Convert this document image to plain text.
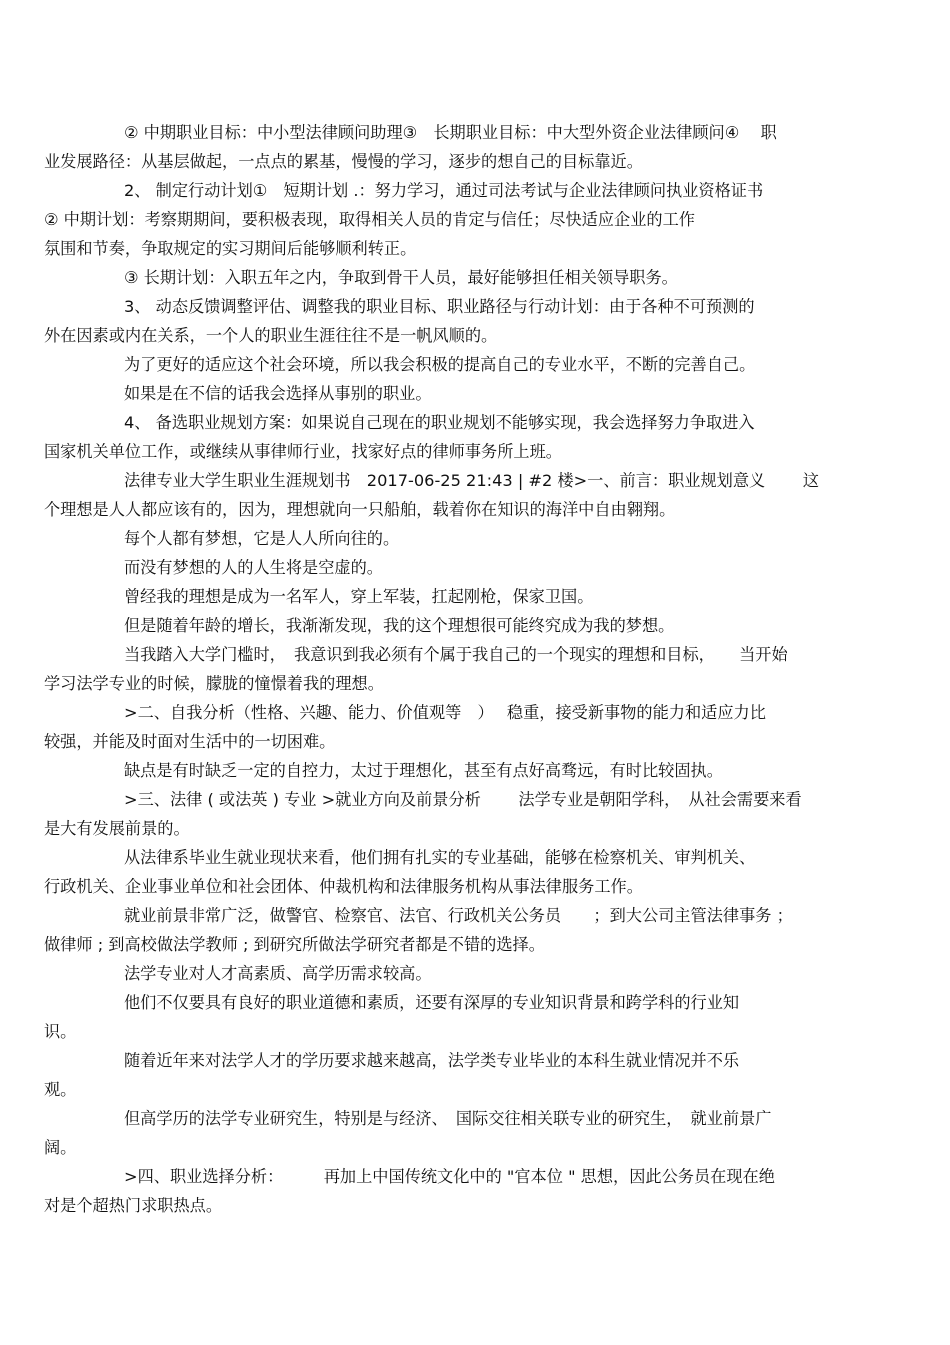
② 中期职业目标：中小型法律顾问助理③　长期职业目标：中大型外资企业法律顾问④　 职
业发展路径：从基层做起，一点点的累基，慢慢的学习，逐步的想自己的目标靠近。
2、 制定行动计划①　短期计划 .：努力学习，通过司法考试与企业法律顾问执业资格证书
② 中期计划：考察期期间，要积极表现，取得相关人员的肯定与信任；尽快适应企业的工作
氛围和节奏，争取规定的实习期间后能够顺利转正。
③ 长期计划：入职五年之内，争取到骨干人员，最好能够担任相关领导职务。
3、 动态反馈调整评估、调整我的职业目标、职业路径与行动计划：由于各种不可预测的
外在因素或内在关系，一个人的职业生涯往往不是一帆风顺的。
为了更好的适应这个社会环境，所以我会积极的提高自己的专业水平，不断的完善自己。
如果是在不信的话我会选择从事别的职业。
4、 备选职业规划方案：如果说自己现在的职业规划不能够实现，我会选择努力争取进入
国家机关单位工作，或继续从事律师行业，找家好点的律师事务所上班。
法律专业大学生职业生涯规划书　2017-06-25 21:43 | #2 楼>一、前言：职业规划意义　　 这
个理想是人人都应该有的，因为，理想就向一只船舶，载着你在知识的海洋中自由翱翔。
每个人都有梦想，它是人人所向往的。
而没有梦想的人的人生将是空虚的。
曾经我的理想是成为一名军人，穿上军装，扛起刚枪，保家卫国。
但是随着年龄的增长，我渐渐发现，我的这个理想很可能终究成为我的梦想。
当我踏入大学门槛时，　我意识到我必须有个属于我自己的一个现实的理想和目标，　　当开始
学习法学专业的时候，朦胧的憧憬着我的理想。
>二、自我分析（性格、兴趣、能力、价值观等　）　 稳重，接受新事物的能力和适应力比
较强，并能及时面对生活中的一切困难。
缺点是有时缺乏一定的自控力，太过于理想化，甚至有点好高骛远，有时比较固执。
>三、法律 ( 或法英 ) 专业 >就业方向及前景分析　　 法学专业是朝阳学科，　从社会需要来看
是大有发展前景的。
从法律系毕业生就业现状来看，他们拥有扎实的专业基础，能够在检察机关、审判机关、
行政机关、企业事业单位和社会团体、仲裁机构和法律服务机构从事法律服务工作。
就业前景非常广泛，做警官、检察官、法官、行政机关公务员　　；到大公司主管法律事务 ；
做律师 ; 到高校做法学教师 ; 到研究所做法学研究者都是不错的选择。
法学专业对人才高素质、高学历需求较高。
他们不仅要具有良好的职业道德和素质，还要有深厚的专业知识背景和跨学科的行业知
识。
随着近年来对法学人才的学历要求越来越高，法学类专业毕业的本科生就业情况并不乐
观。
但高学历的法学专业研究生，特别是与经济、　国际交往相关联专业的研究生，　就业前景广
阔。
>四、职业选择分析：　　　再加上中国传统文化中的 "官本位 " 思想，因此公务员在现在绝
对是个超热门求职热点。
